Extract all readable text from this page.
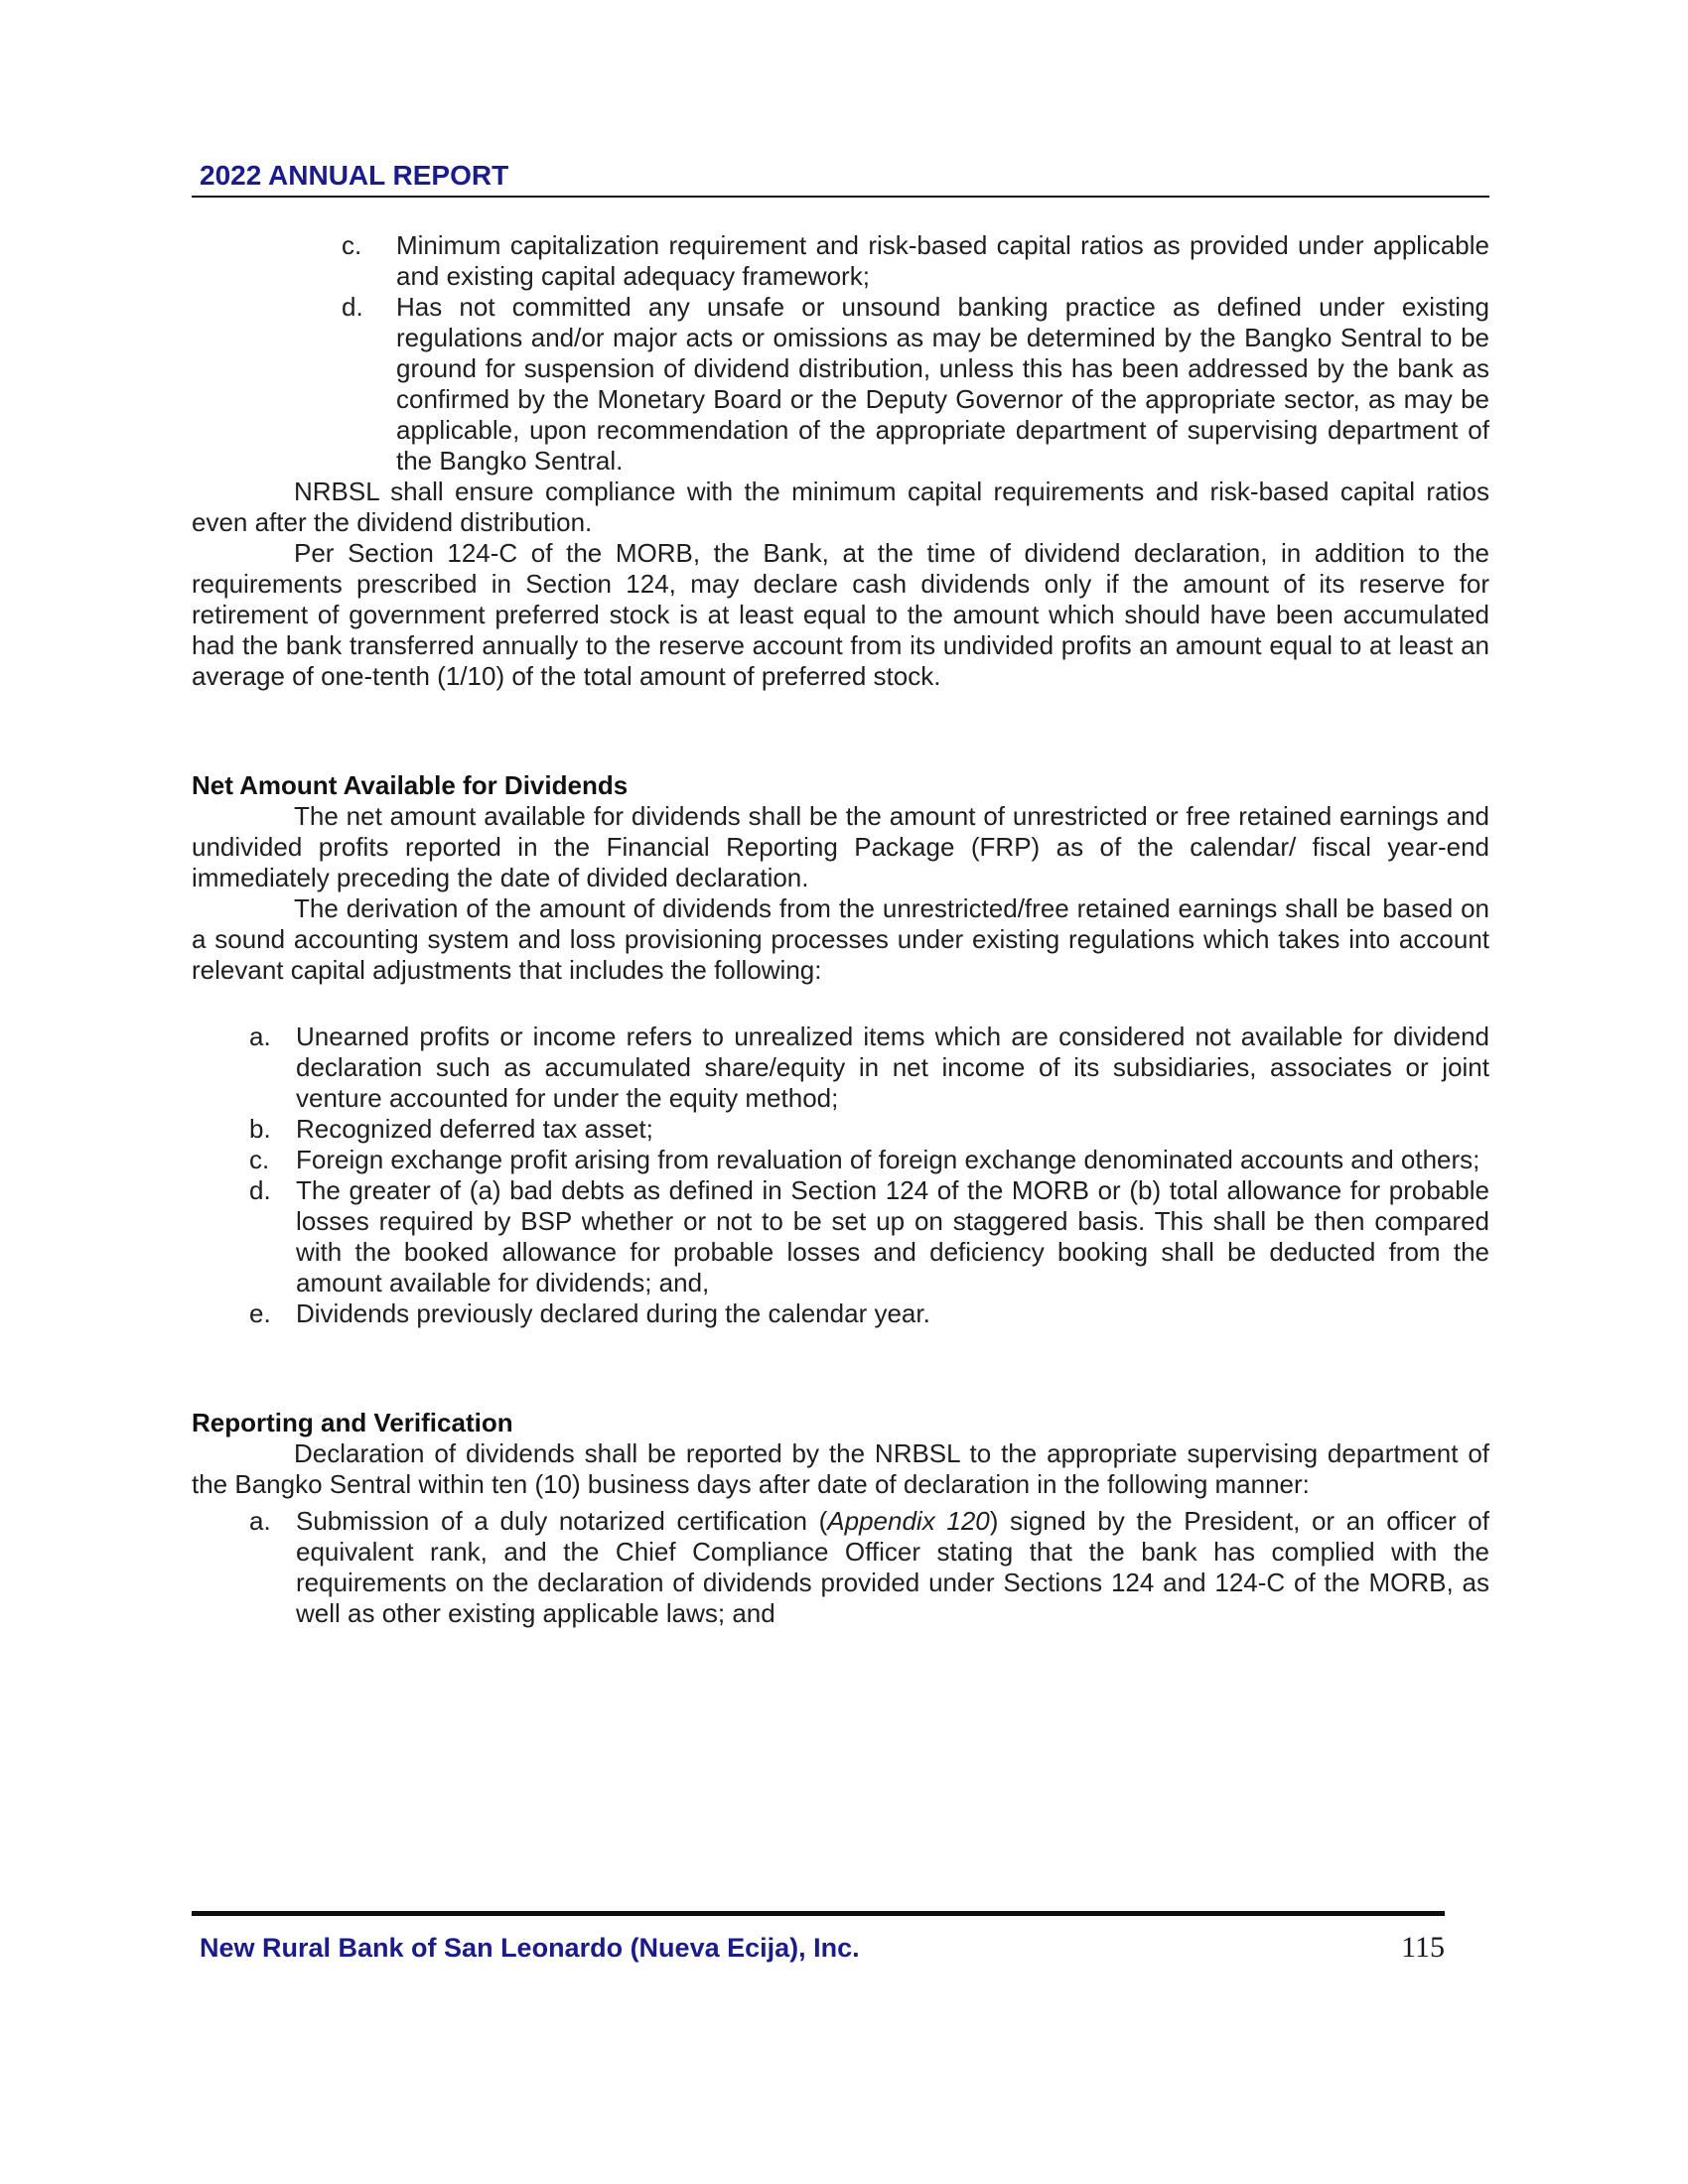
2022 ANNUAL REPORT
c. Minimum capitalization requirement and risk-based capital ratios as provided under applicable and existing capital adequacy framework;
d. Has not committed any unsafe or unsound banking practice as defined under existing regulations and/or major acts or omissions as may be determined by the Bangko Sentral to be ground for suspension of dividend distribution, unless this has been addressed by the bank as confirmed by the Monetary Board or the Deputy Governor of the appropriate sector, as may be applicable, upon recommendation of the appropriate department of supervising department of the Bangko Sentral.

NRBSL shall ensure compliance with the minimum capital requirements and risk-based capital ratios even after the dividend distribution.

Per Section 124-C of the MORB, the Bank, at the time of dividend declaration, in addition to the requirements prescribed in Section 124, may declare cash dividends only if the amount of its reserve for retirement of government preferred stock is at least equal to the amount which should have been accumulated had the bank transferred annually to the reserve account from its undivided profits an amount equal to at least an average of one-tenth (1/10) of the total amount of preferred stock.

Net Amount Available for Dividends

The net amount available for dividends shall be the amount of unrestricted or free retained earnings and undivided profits reported in the Financial Reporting Package (FRP) as of the calendar/ fiscal year-end immediately preceding the date of divided declaration.

The derivation of the amount of dividends from the unrestricted/free retained earnings shall be based on a sound accounting system and loss provisioning processes under existing regulations which takes into account relevant capital adjustments that includes the following:

a. Unearned profits or income refers to unrealized items which are considered not available for dividend declaration such as accumulated share/equity in net income of its subsidiaries, associates or joint venture accounted for under the equity method;
b. Recognized deferred tax asset;
c. Foreign exchange profit arising from revaluation of foreign exchange denominated accounts and others;
d. The greater of (a) bad debts as defined in Section 124 of the MORB or (b) total allowance for probable losses required by BSP whether or not to be set up on staggered basis. This shall be then compared with the booked allowance for probable losses and deficiency booking shall be deducted from the amount available for dividends; and,
e. Dividends previously declared during the calendar year.
Reporting and Verification

Declaration of dividends shall be reported by the NRBSL to the appropriate supervising department of the Bangko Sentral within ten (10) business days after date of declaration in the following manner:

a. Submission of a duly notarized certification (Appendix 120) signed by the President, or an officer of equivalent rank, and the Chief Compliance Officer stating that the bank has complied with the requirements on the declaration of dividends provided under Sections 124 and 124-C of the MORB, as well as other existing applicable laws; and
New Rural Bank of San Leonardo (Nueva Ecija), Inc.	115
